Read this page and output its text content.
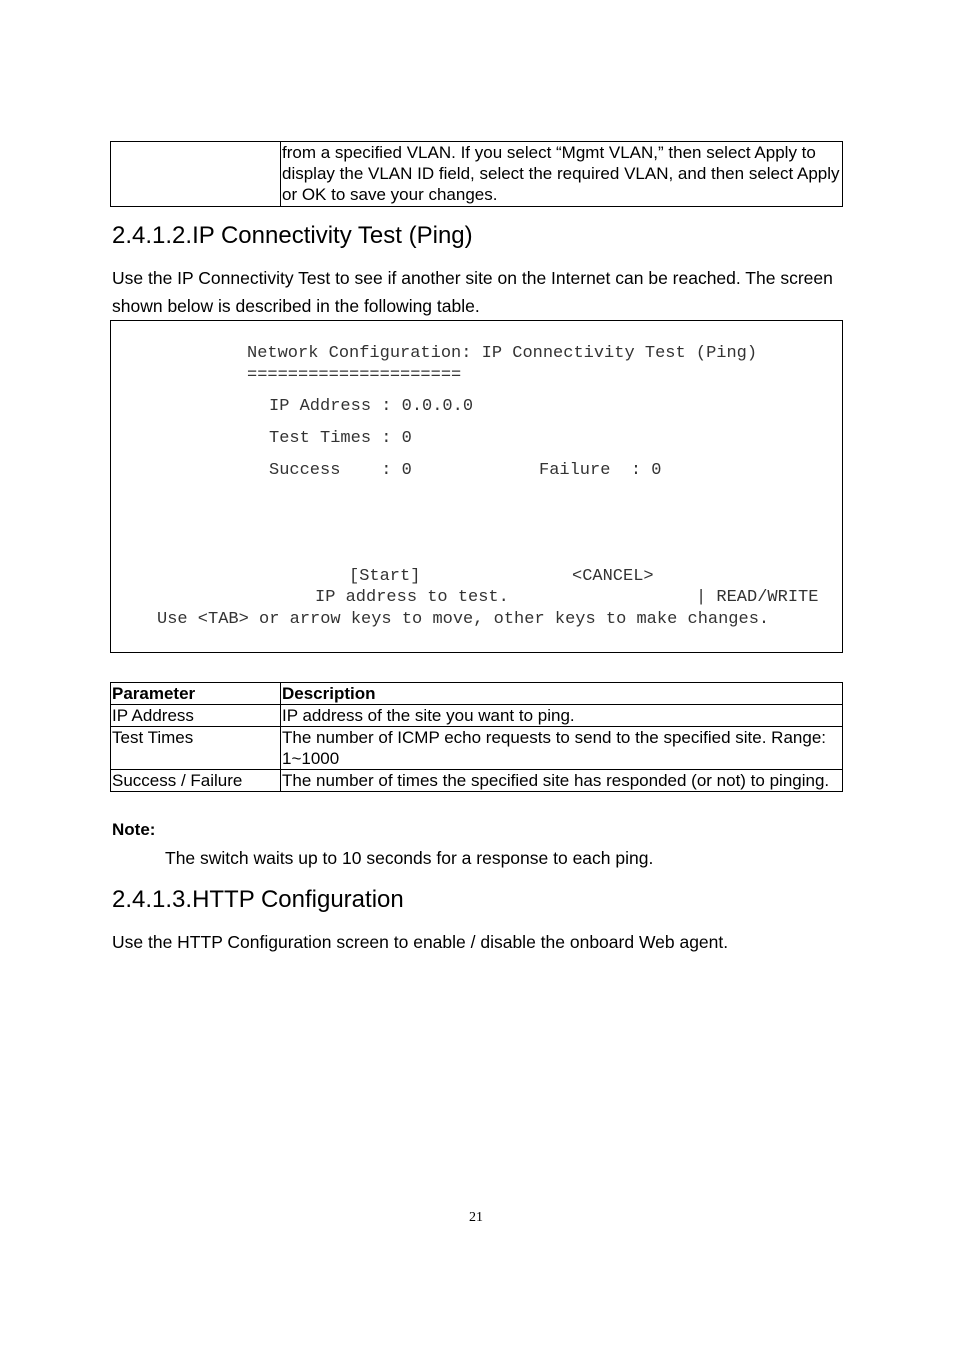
	from a specified VLAN. If you select “Mgmt VLAN,” then select Apply to display the VLAN ID field, select the required VLAN, and then select Apply or OK to save your changes.
2.4.1.2.IP Connectivity Test (Ping)
Use the IP Connectivity Test to see if another site on the Internet can be reached. The screen shown below is described in the following table.
Network Configuration: IP Connectivity Test (Ping)
=====================
IP Address : 0.0.0.0
Test Times : 0
Success    : 0	Failure  : 0
[Start]	<CANCEL>
IP address to test.	| READ/WRITE
Use <TAB> or arrow keys to move, other keys to make changes.
Parameter	Description
IP Address	IP address of the site you want to ping.
Test Times	The number of ICMP echo requests to send to the specified site. Range: 1~1000
Success / Failure	The number of times the specified site has responded (or not) to pinging.
Note:
The switch waits up to 10 seconds for a response to each ping.
2.4.1.3.HTTP Configuration
Use the HTTP Configuration screen to enable / disable the onboard Web agent.
21
